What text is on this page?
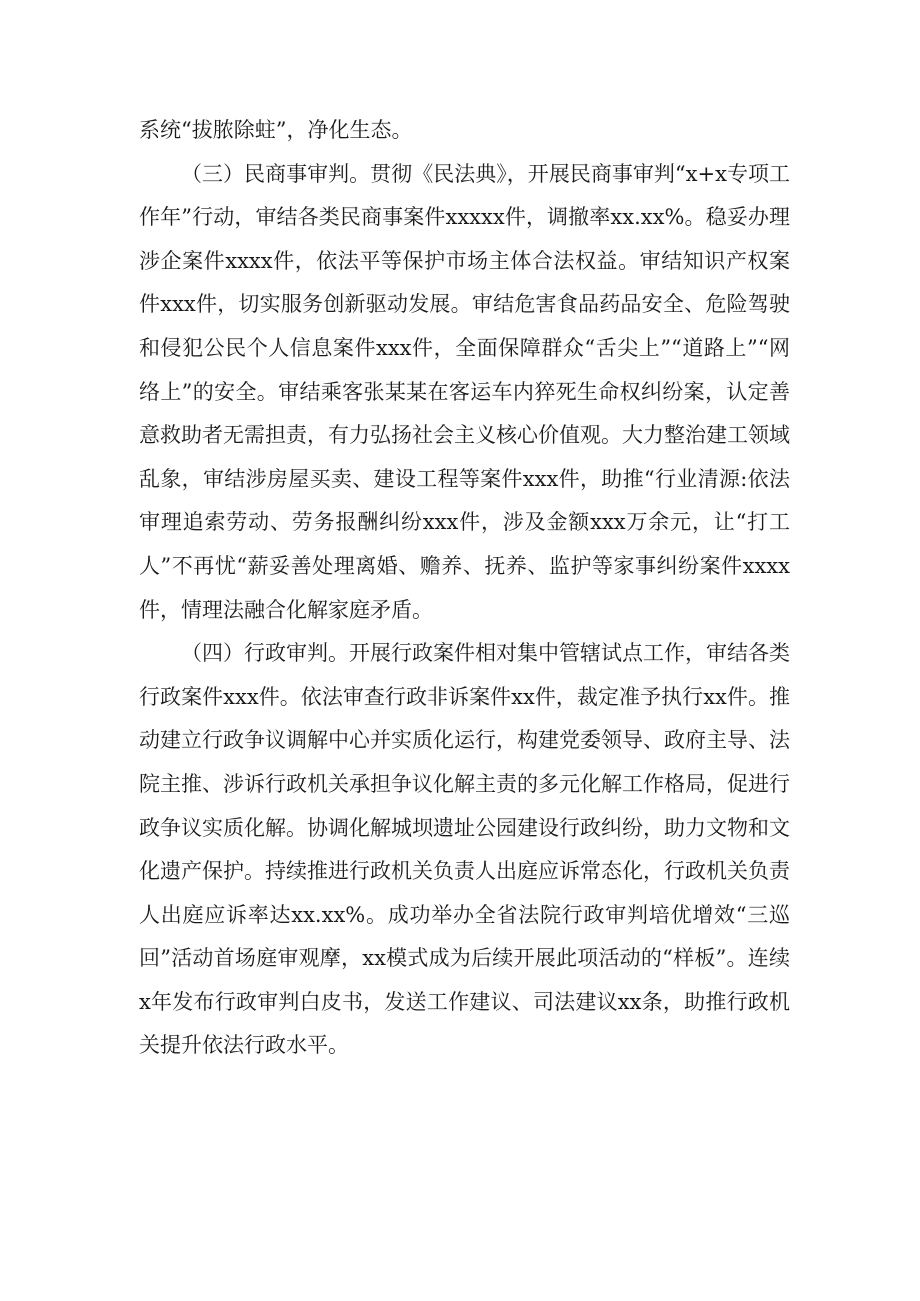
系统“拔脓除蛀”，净化生态。

（三）民商事审判。贯彻《民法典》，开展民商事审判“x+x专项工作年”行动，审结各类民商事案件xxxxx件，调撤率xx.xx%。稳妥办理涉企案件xxxx件，依法平等保护市场主体合法权益。审结知识产权案件xxx件，切实服务创新驱动发展。审结危害食品药品安全、危险驾驶和侵犯公民个人信息案件xxx件，全面保障群众“舌尖上”“道路上”“网络上”的安全。审结乘客张某某在客运车内猝死生命权纠纷案，认定善意救助者无需担责，有力弘扬社会主义核心价值观。大力整治建工领域乱象，审结涉房屋买卖、建设工程等案件xxx件，助推“行业清源:依法审理追索劳动、劳务报酬纠纷xxx件，涉及金额xxx万余元，让“打工人”不再忧“薪妥善处理离婚、赡养、抚养、监护等家事纠纷案件xxxx件，情理法融合化解家庭矛盾。

（四）行政审判。开展行政案件相对集中管辖试点工作，审结各类行政案件xxx件。依法审查行政非诉案件xx件，裁定准予执行xx件。推动建立行政争议调解中心并实质化运行，构建党委领导、政府主导、法院主推、涉诉行政机关承担争议化解主责的多元化解工作格局，促进行政争议实质化解。协调化解城坝遗址公园建设行政纠纷，助力文物和文化遗产保护。持续推进行政机关负责人出庭应诉常态化，行政机关负责人出庭应诉率达xx.xx%。成功举办全省法院行政审判培优增效“三巡回”活动首场庭审观摩，xx模式成为后续开展此项活动的“样板”。连续x年发布行政审判白皮书，发送工作建议、司法建议xx条，助推行政机关提升依法行政水平。
